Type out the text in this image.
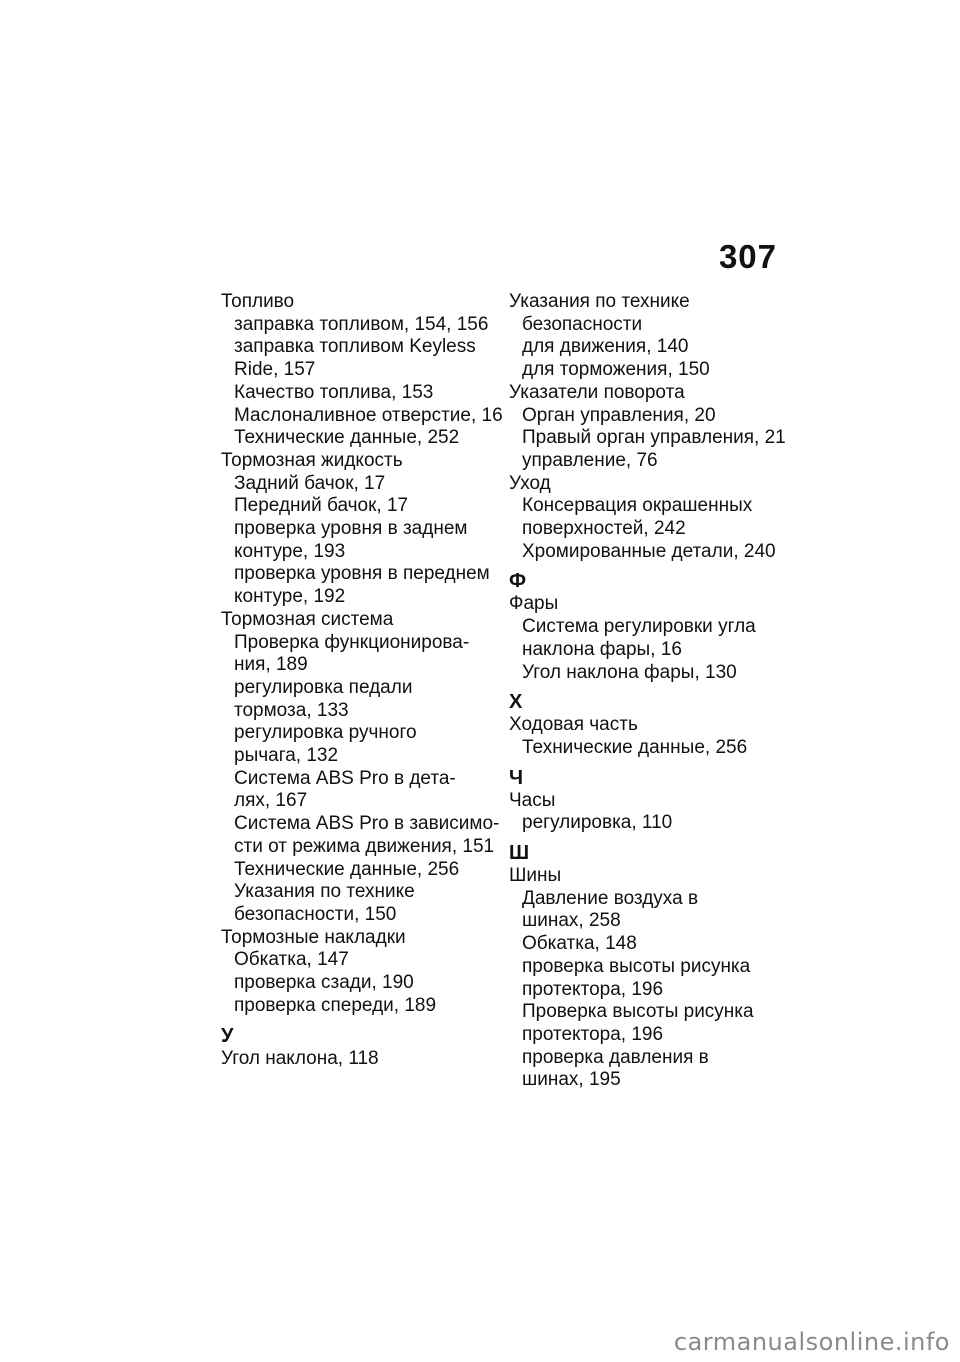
307
Топливо
заправка топливом, 154, 156
заправка топливом Keyless
Ride, 157
Качество топлива, 153
Маслоналивное отверстие, 16
Технические данные, 252
Тормозная жидкость
Задний бачок, 17
Передний бачок, 17
проверка уровня в заднем
контуре, 193
проверка уровня в переднем
контуре, 192
Тормозная система
Проверка функционирова-
ния, 189
регулировка педали
тормоза, 133
регулировка ручного
рычага, 132
Система ABS Pro в дета-
лях, 167
Система ABS Pro в зависимо-
сти от режима движения, 151
Технические данные, 256
Указания по технике
безопасности, 150
Тормозные накладки
Обкатка, 147
проверка сзади, 190
проверка спереди, 189
У
Угол наклона, 118
Указания по технике
безопасности
для движения, 140
для торможения, 150
Указатели поворота
Орган управления, 20
Правый орган управления, 21
управление, 76
Уход
Консервация окрашенных
поверхностей, 242
Хромированные детали, 240
Ф
Фары
Система регулировки угла
наклона фары, 16
Угол наклона фары, 130
Х
Ходовая часть
Технические данные, 256
Ч
Часы
регулировка, 110
Ш
Шины
Давление воздуха в
шинах, 258
Обкатка, 148
проверка высоты рисунка
протектора, 196
Проверка высоты рисунка
протектора, 196
проверка давления в
шинах, 195
carmanualsonline.info
